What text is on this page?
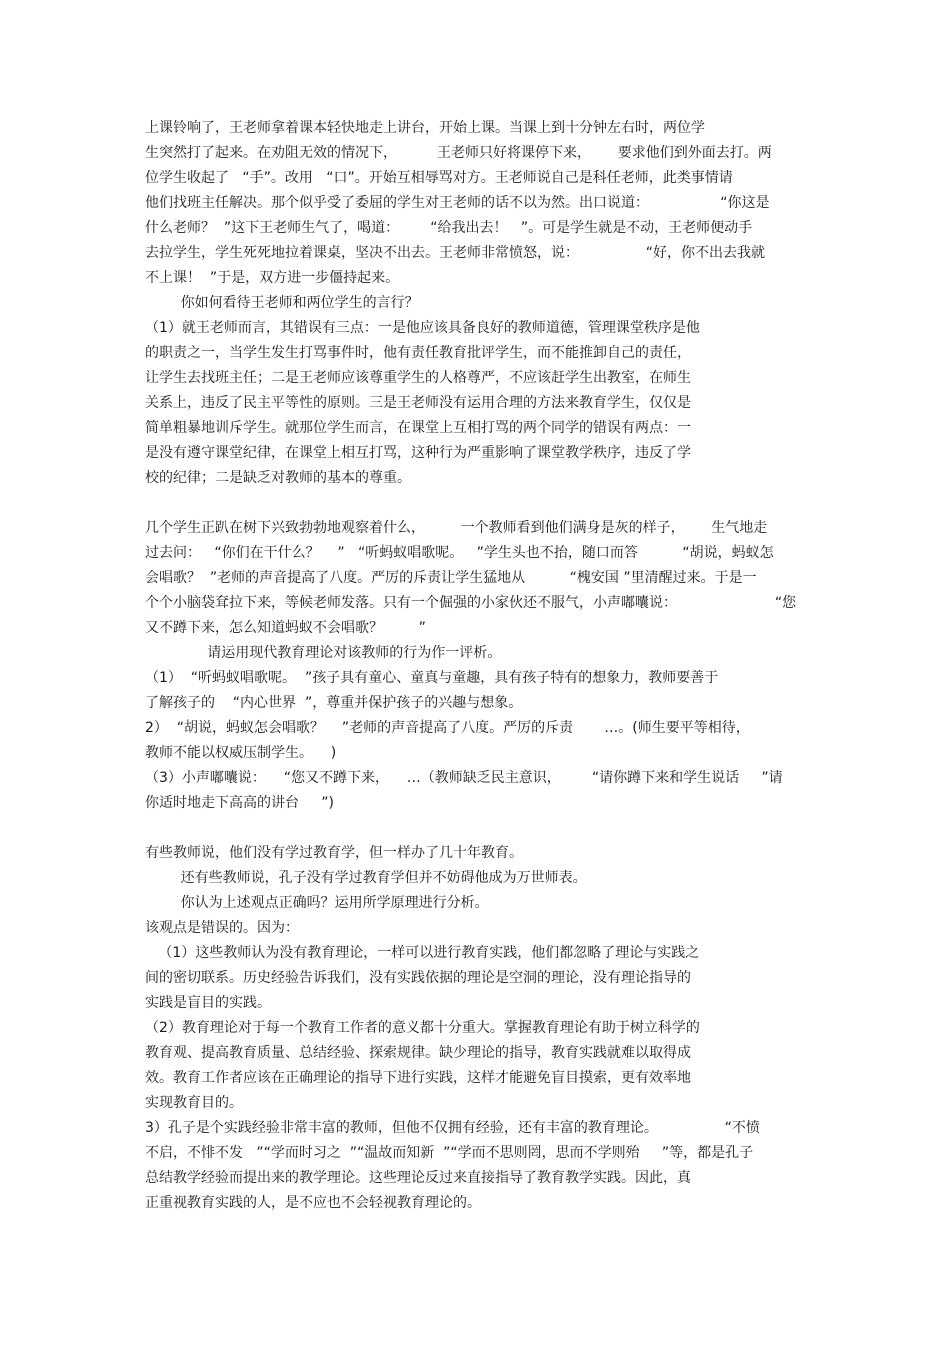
上课铃响了，王老师拿着课本轻快地走上讲台，开始上课。当课上到十分钟左右时，两位学

生突然打了起来。在劝阻无效的情况下，         王老师只好将课停下来，      要求他们到外面去打。两

位学生收起了   “手”。改用   “口”。开始互相辱骂对方。王老师说自己是科任老师，此类事情请

他们找班主任解决。那个似乎受了委屈的学生对王老师的话不以为然。出口说道：                “你这是

什么老师？  ”这下王老师生气了，喝道：       “给我出去！   ”。可是学生就是不动，王老师便动手

去拉学生，学生死死地拉着课桌，坚决不出去。王老师非常愤怒，说：               “好，你不出去我就

不上课！  ”于是，双方进一步僵持起来。

你如何看待王老师和两位学生的言行？

（1）就王老师而言，其错误有三点：一是他应该具备良好的教师道德，管理课堂秩序是他

的职责之一，当学生发生打骂事件时，他有责任教育批评学生，而不能推卸自己的责任，

让学生去找班主任；二是王老师应该尊重学生的人格尊严，不应该赶学生出教室，在师生

关系上，违反了民主平等性的原则。三是王老师没有运用合理的方法来教育学生，仅仅是

简单粗暴地训斥学生。就那位学生而言，在课堂上互相打骂的两个同学的错误有两点：一

是没有遵守课堂纪律，在课堂上相互打骂，这种行为严重影响了课堂教学秩序，违反了学

校的纪律；二是缺乏对教师的基本的尊重。

几个学生正趴在树下兴致勃勃地观察着什么，        一个教师看到他们满身是灰的样子，      生气地走

过去问：   “你们在干什么？    ”   “听蚂蚁唱歌呢。   ”学生头也不抬，随口而答          “胡说，蚂蚁怎

会唱歌？  ”老师的声音提高了八度。严厉的斥责让学生猛地从          “槐安国 ”里清醒过来。于是一

个个小脑袋耷拉下来，等候老师发落。只有一个倔强的小家伙还不服气，小声嘟囔说：                      “您

又不蹲下来，怎么知道蚂蚁不会唱歌？        ”

请运用现代教育理论对该教师的行为作一评析。

（1）  “听蚂蚁唱歌呢。  ”孩子具有童心、童真与童趣，具有孩子特有的想象力，教师要善于

了解孩子的    “内心世界  ”，尊重并保护孩子的兴趣与想象。

2）  “胡说，蚂蚁怎会唱歌？    ”老师的声音提高了八度。严厉的斥责       …。(师生要平等相待，

教师不能以权威压制学生。    )

（3）小声嘟囔说：    “您又不蹲下来，    …（教师缺乏民主意识，       “请你蹲下来和学生说话     ”请

你适时地走下高高的讲台     ”)

有些教师说，他们没有学过教育学，但一样办了几十年教育。

还有些教师说，孔子没有学过教育学但并不妨碍他成为万世师表。

你认为上述观点正确吗？运用所学原理进行分析。

该观点是错误的。因为：

（1）这些教师认为没有教育理论，一样可以进行教育实践，他们都忽略了理论与实践之

间的密切联系。历史经验告诉我们，没有实践依据的理论是空洞的理论，没有理论指导的

实践是盲目的实践。

（2）教育理论对于每一个教育工作者的意义都十分重大。掌握教育理论有助于树立科学的

教育观、提高教育质量、总结经验、探索规律。缺少理论的指导，教育实践就难以取得成

效。教育工作者应该在正确理论的指导下进行实践，这样才能避免盲目摸索，更有效率地

实现教育目的。

3）孔子是个实践经验非常丰富的教师，但他不仅拥有经验，还有丰富的教育理论。               “不愤

不启，不悱不发   ”“学而时习之  ”“温故而知新  ”“学而不思则罔，思而不学则殆     ”等，都是孔子

总结教学经验而提出来的教学理论。这些理论反过来直接指导了教育教学实践。因此，真

正重视教育实践的人，是不应也不会轻视教育理论的。
